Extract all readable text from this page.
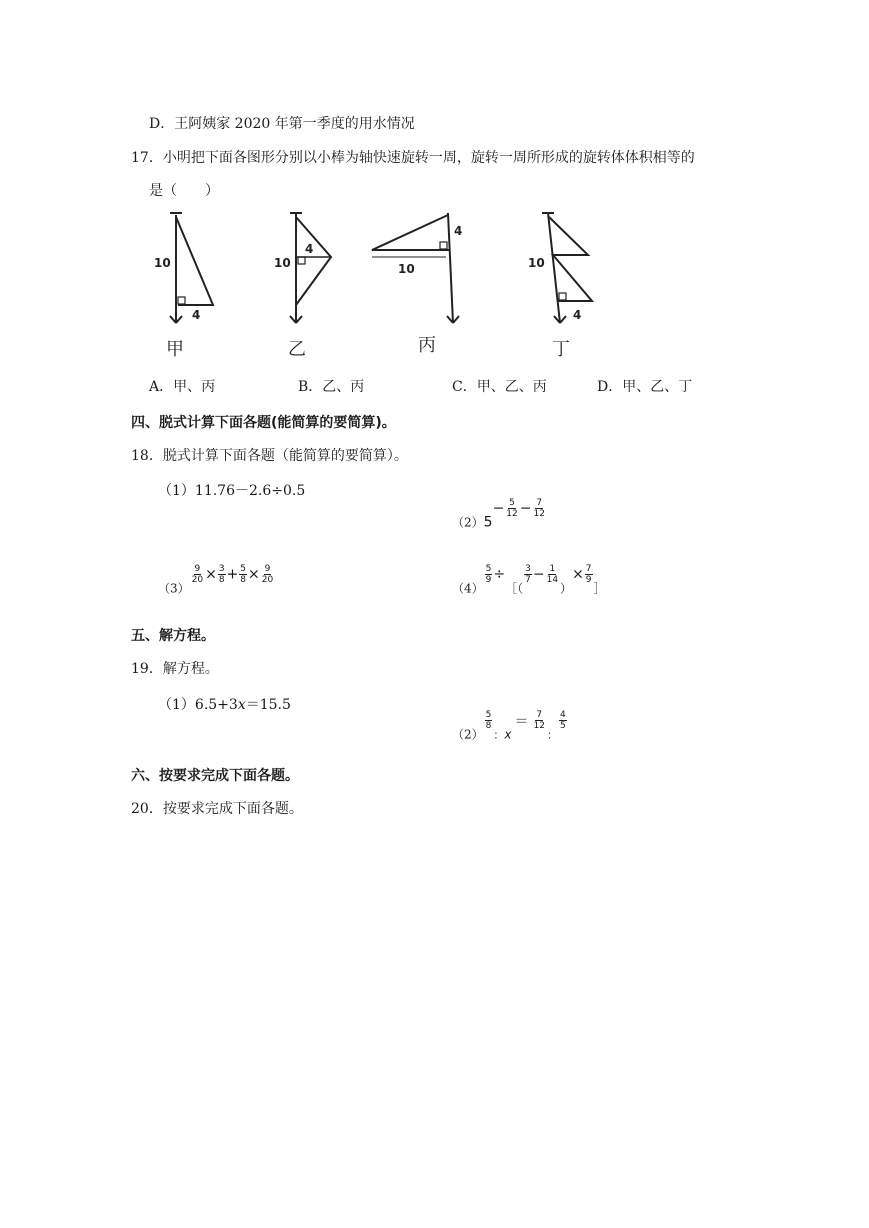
D．王阿姨家 2020 年第一季度的用水情况
17．小明把下面各图形分别以小棒为轴快速旋转一周，旋转一周所形成的旋转体体积相等的
是（　　）
10
4
10
4
4
10	10
4
甲	乙	丙	丁
A．甲、丙	B．乙、丙	C．甲、乙、丙	D．甲、乙、丁
四、脱式计算下面各题(能简算的要简算)。
18．脱式计算下面各题（能简算的要简算）。
（1）11.76－2.6÷0.5
$(2)5- \frac{5}{12} - \frac{7}{12}$
（3）
$\frac{9}{20} \times \frac{3}{8} + \frac{5}{8} \times \frac{9}{20}$
（4）
$\frac{5}{9}$ ÷［（
$\frac{3}{7} - \frac{1}{14}$
）× $\frac{7}{9}$
］
五、解方程。
19．解方程。
（1）6.5+3x＝15.5
（2）
$\frac{5}{8}$
$_:x= \frac{7}{12}$
$_:$
$\frac{4}{5}$
六、按要求完成下面各题。
20．按要求完成下面各题。
